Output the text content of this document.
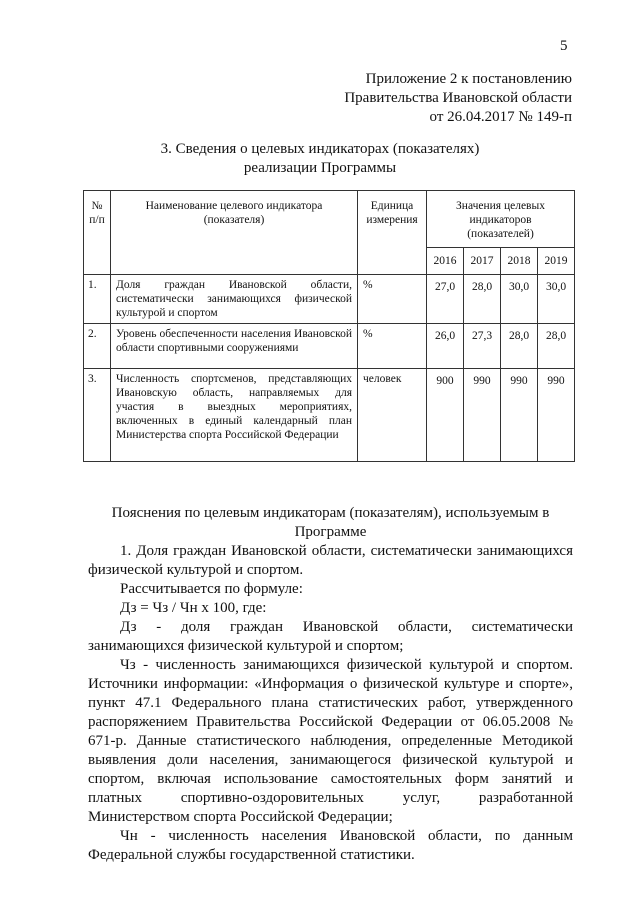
5
Приложение 2 к постановлению
Правительства Ивановской области
от 26.04.2017 № 149-п
3. Сведения о целевых индикаторах (показателях)
реализации Программы
№ п/п	Наименование целевого индикатора (показателя)	Единица измерения	Значения целевых индикаторов (показателей)			
			2016	2017	2018	2019
1.	Доля граждан Ивановской области, систематически занимающихся физической культурой и спортом	%	27,0	28,0	30,0	30,0
2.	Уровень обеспеченности населения Ивановской области спортивными сооружениями	%	26,0	27,3	28,0	28,0
3.	Численность спортсменов, представляющих Ивановскую область, направляемых для участия в выездных мероприятиях, включенных в единый календарный план Министерства спорта Российской Федерации	человек	900	990	990	990
Пояснения по целевым индикаторам (показателям), используемым в Программе

1. Доля граждан Ивановской области, систематически занимающихся физической культурой и спортом.

Рассчитывается по формуле:

Дз = Чз / Чн х 100, где:

Дз - доля граждан Ивановской области, систематически занимающихся физической культурой и спортом;

Чз - численность занимающихся физической культурой и спортом. Источники информации: «Информация о физической культуре и спорте», пункт 47.1 Федерального плана статистических работ, утвержденного распоряжением Правительства Российской Федерации от 06.05.2008 № 671-р. Данные статистического наблюдения, определенные Методикой выявления доли населения, занимающегося физической культурой и спортом, включая использование самостоятельных форм занятий и платных спортивно-оздоровительных услуг, разработанной Министерством спорта Российской Федерации;

Чн - численность населения Ивановской области, по данным Федеральной службы государственной статистики.
